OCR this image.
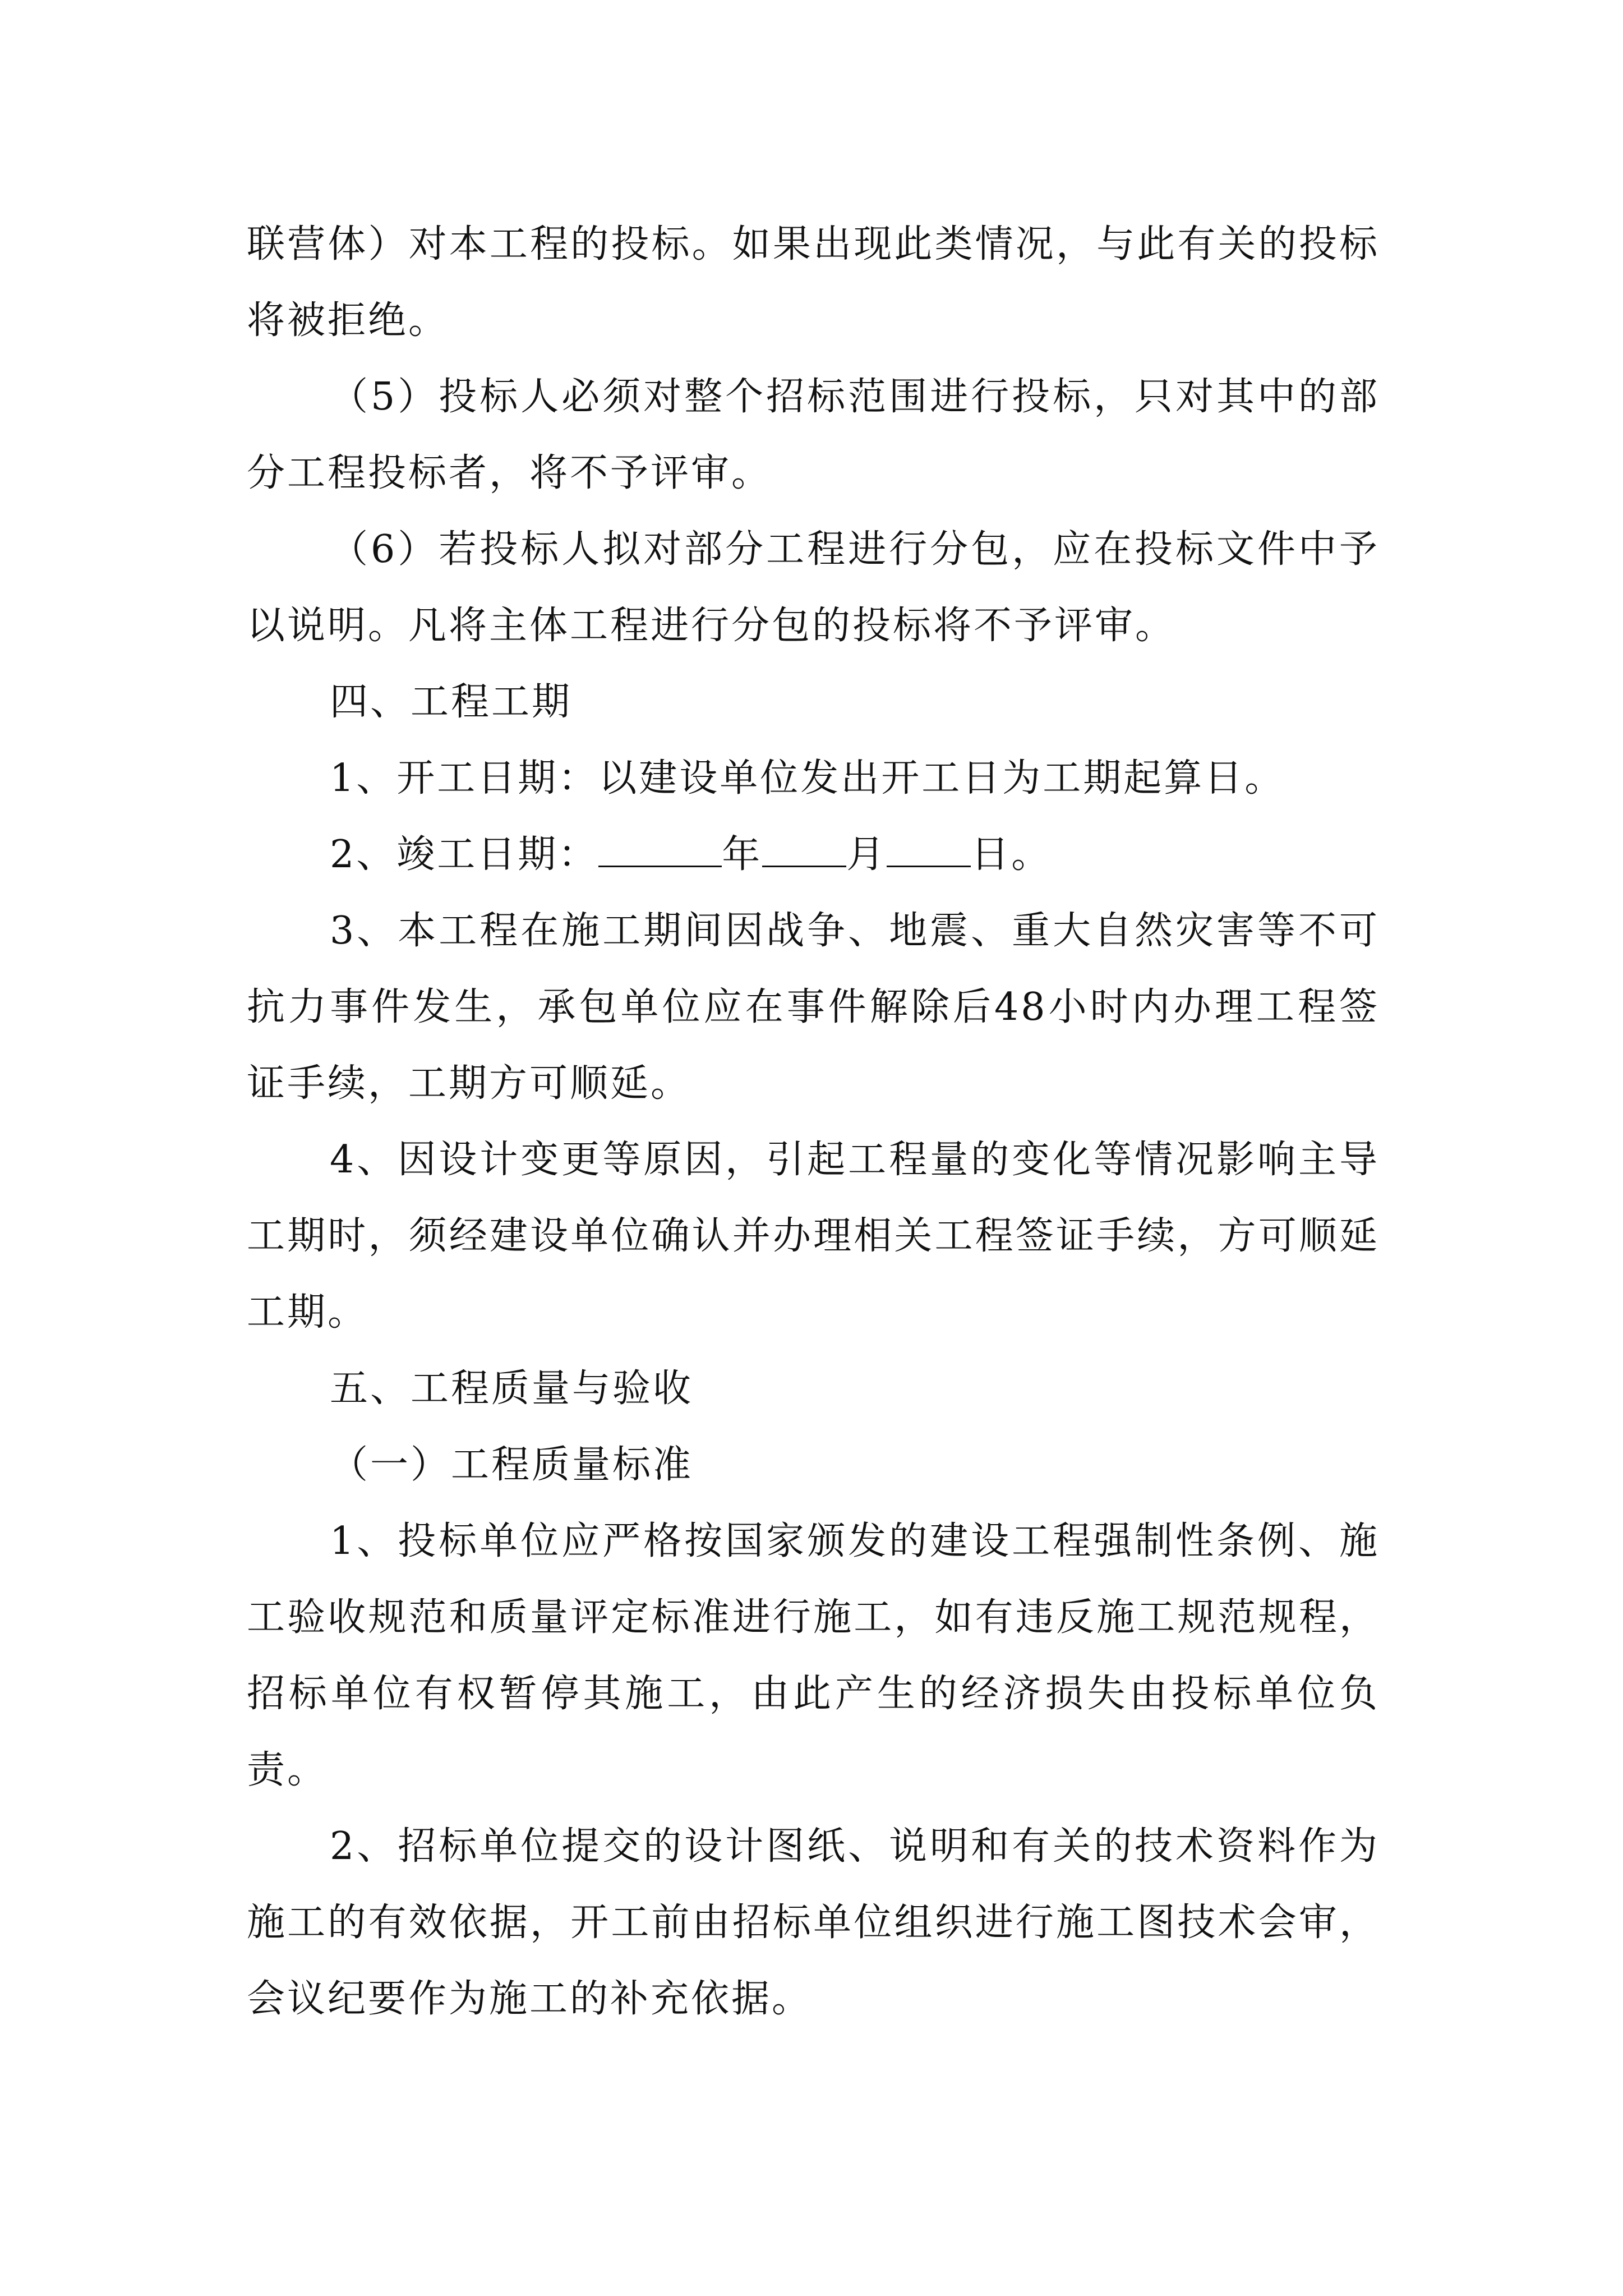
联营体）对本工程的投标。如果出现此类情况，与此有关的投标将被拒绝。

（5）投标人必须对整个招标范围进行投标，只对其中的部分工程投标者，将不予评审。

（6）若投标人拟对部分工程进行分包，应在投标文件中予以说明。凡将主体工程进行分包的投标将不予评审。

四、工程工期

1、开工日期：以建设单位发出开工日为工期起算日。

2、竣工日期：	年 月 日。

3、本工程在施工期间因战争、地震、重大自然灾害等不可抗力事件发生，承包单位应在事件解除后48小时内办理工程签证手续，工期方可顺延。

4、因设计变更等原因，引起工程量的变化等情况影响主导工期时，须经建设单位确认并办理相关工程签证手续，方可顺延工期。

五、工程质量与验收

（一）工程质量标准

1、投标单位应严格按国家颁发的建设工程强制性条例、施工验收规范和质量评定标准进行施工，如有违反施工规范规程，招标单位有权暂停其施工，由此产生的经济损失由投标单位负责。

2、招标单位提交的设计图纸、说明和有关的技术资料作为施工的有效依据，开工前由招标单位组织进行施工图技术会审，会议纪要作为施工的补充依据。
